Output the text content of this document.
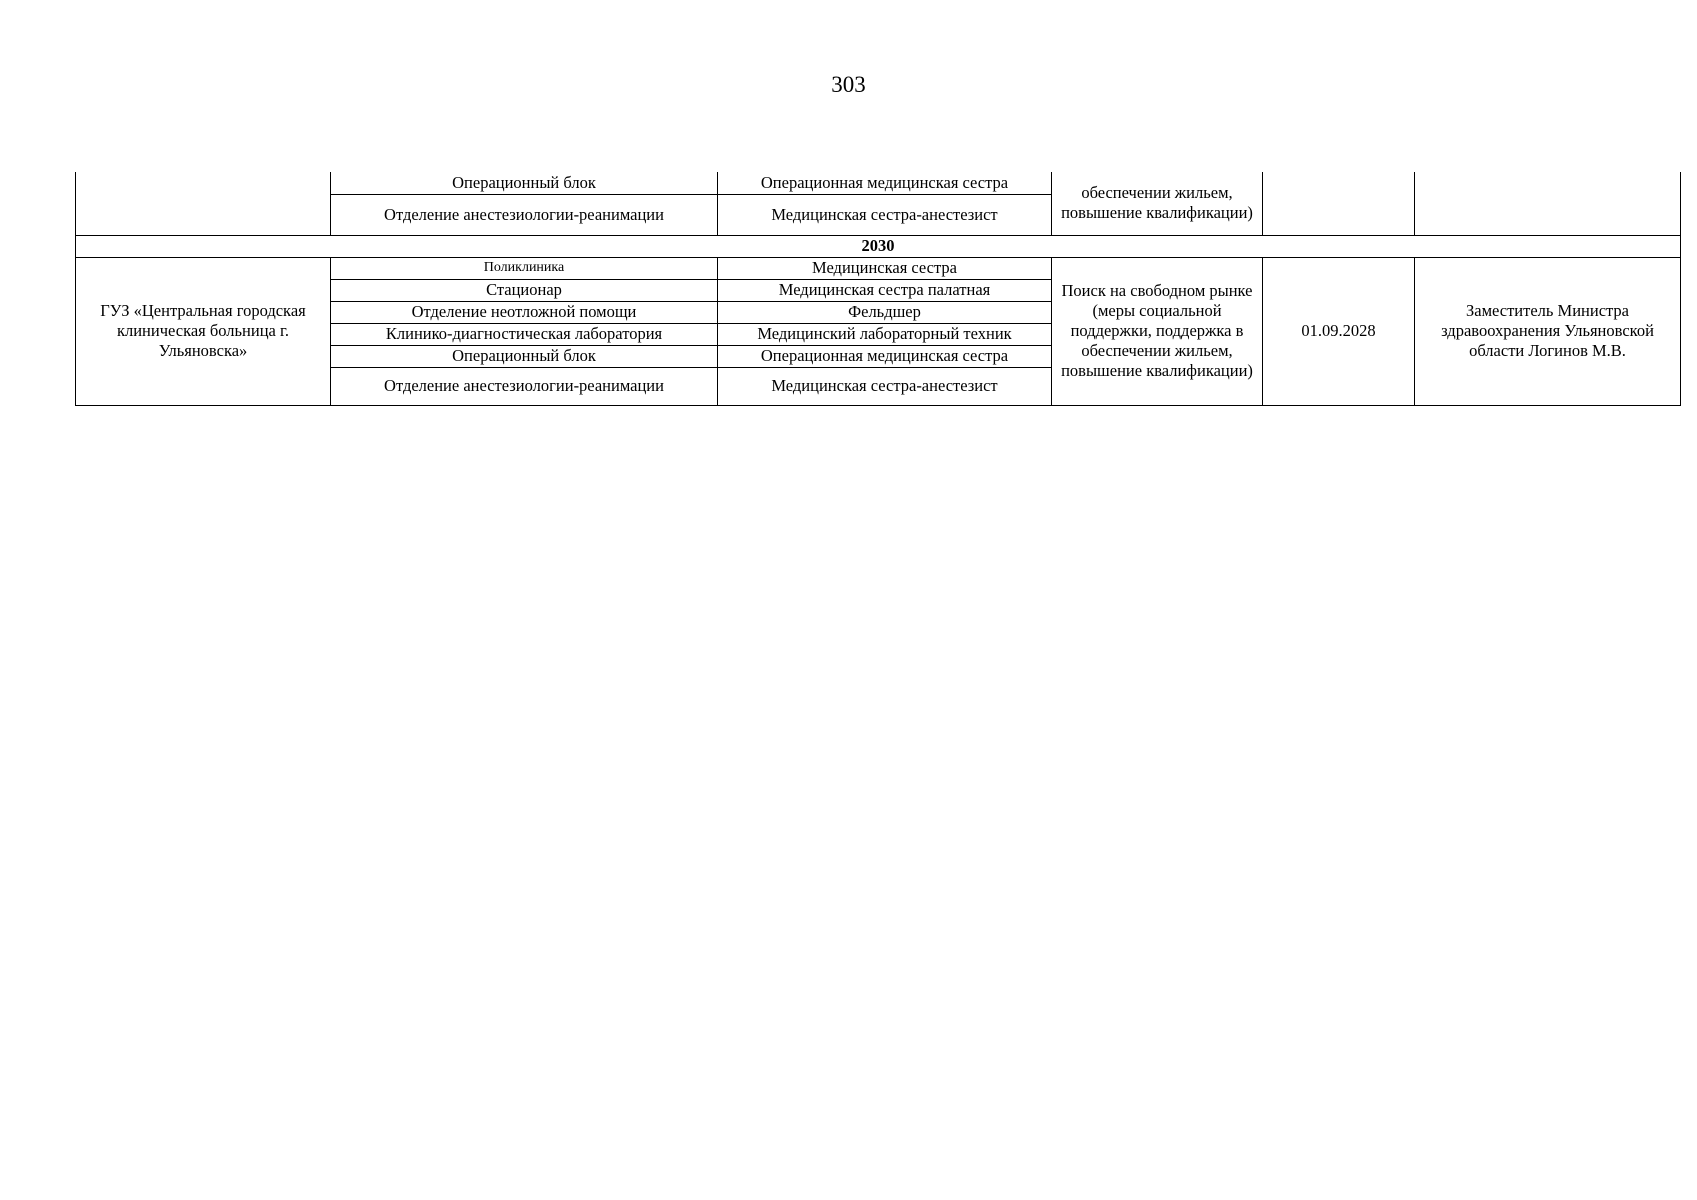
303
	Операционный блок	Операционная медицинская сестра	обеспечении жильем, повышение квалификации)		
	Отделение анестезиологии-реанимации	Медицинская сестра-анестезист			
2030					
ГУЗ «Центральная городская клиническая больница г. Ульяновска»	Поликлиника	Медицинская сестра	Поиск на свободном рынке (меры социальной поддержки, поддержка в обеспечении жильем, повышение квалификации)	01.09.2028	Заместитель Министра здравоохранения Ульяновской области Логинов М.В.
	Стационар	Медицинская сестра палатная			
	Отделение неотложной помощи	Фельдшер			
	Клинико-диагностическая лаборатория	Медицинский лабораторный техник			
	Операционный блок	Операционная медицинская сестра			
	Отделение анестезиологии-реанимации	Медицинская сестра-анестезист			
